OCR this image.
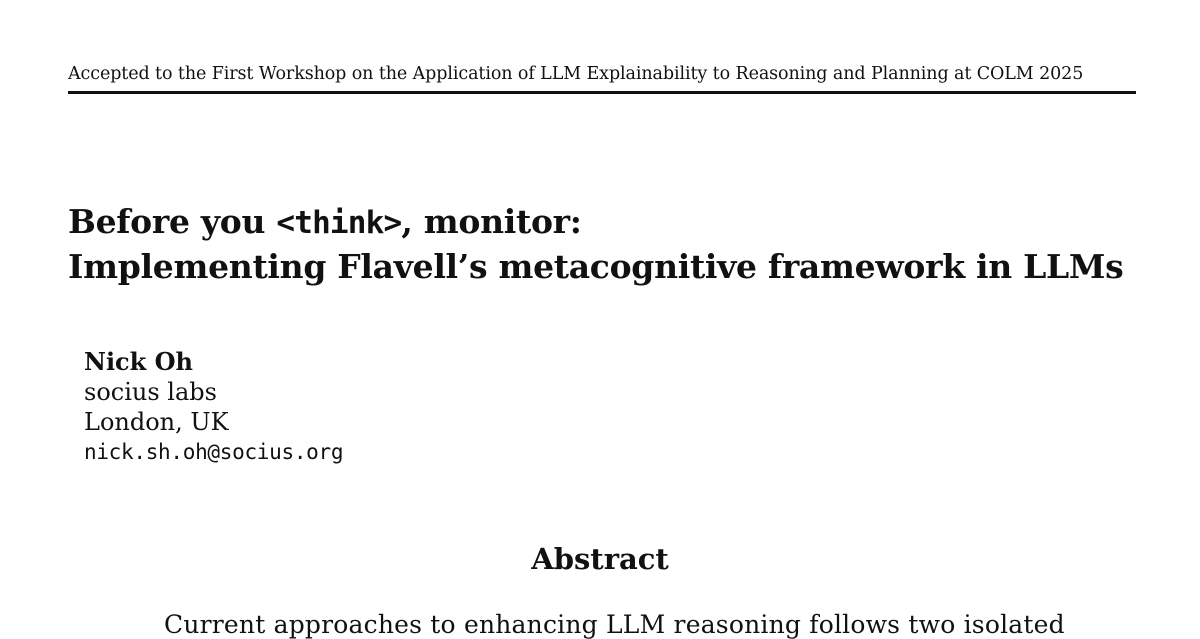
Accepted to the First Workshop on the Application of LLM Explainability to Reasoning and Planning at COLM 2025
Before you <think>, monitor:
Implementing Flavell’s metacognitive framework in LLMs
Nick Oh
socius labs
London, UK
nick.sh.oh@socius.org
Abstract
Current approaches to enhancing LLM reasoning follows two isolated
